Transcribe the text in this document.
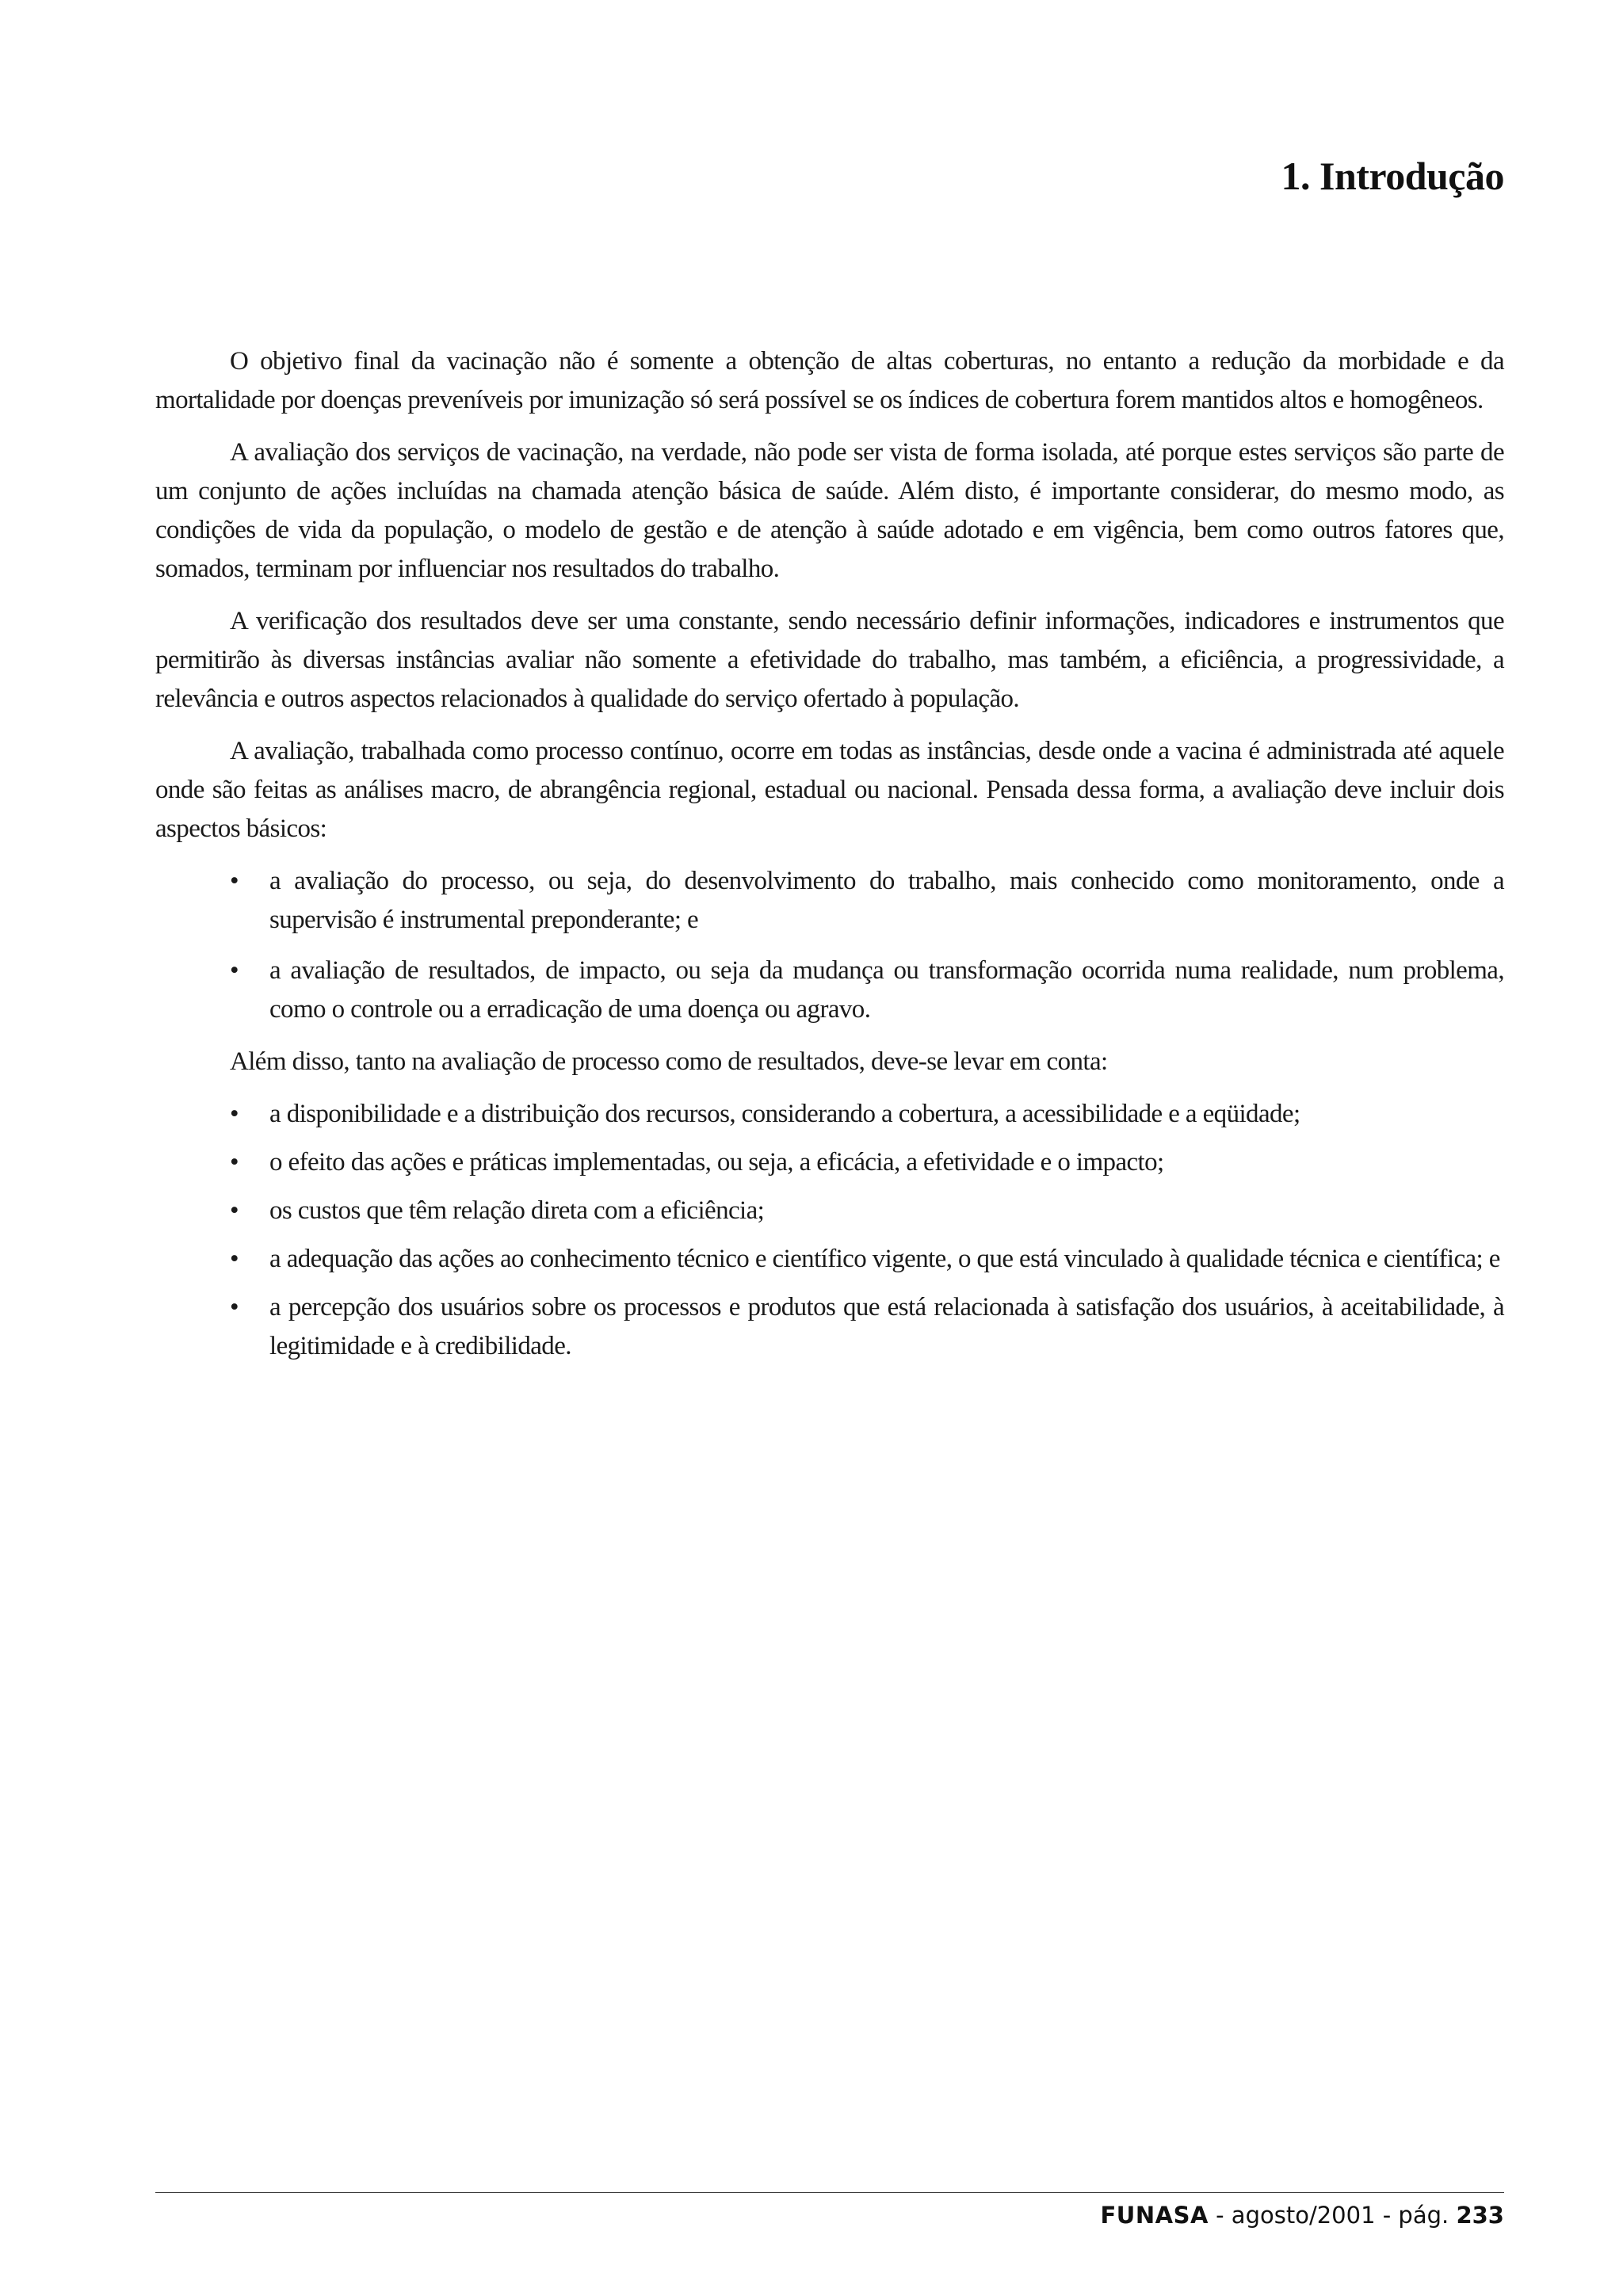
1. Introdução

O objetivo final da vacinação não é somente a obtenção de altas coberturas, no entanto a redução da morbidade e da mortalidade por doenças preveníveis por imunização só será possível se os índices de cobertura forem mantidos altos e homogêneos.

A avaliação dos serviços de vacinação, na verdade, não pode ser vista de forma isolada, até porque estes serviços são parte de um conjunto de ações incluídas na chamada atenção básica de saúde. Além disto, é importante considerar, do mesmo modo, as condições de vida da população, o modelo de gestão e de atenção à saúde adotado e em vigência, bem como outros fatores que, somados, terminam por influenciar nos resultados do trabalho.

A verificação dos resultados deve ser uma constante, sendo necessário definir informações, indicadores e instrumentos que permitirão às diversas instâncias avaliar não somente a efetividade do trabalho, mas também, a eficiência, a progressividade, a relevância e outros aspectos relacionados à qualidade do serviço ofertado à população.

A avaliação, trabalhada como processo contínuo, ocorre em todas as instâncias, desde onde a vacina é administrada até aquele onde são feitas as análises macro, de abrangência regional, estadual ou nacional. Pensada dessa forma, a avaliação deve incluir dois aspectos básicos:

• a avaliação do processo, ou seja, do desenvolvimento do trabalho, mais conhecido como monitoramento, onde a supervisão é instrumental preponderante; e
• a avaliação de resultados, de impacto, ou seja da mudança ou transformação ocorrida numa realidade, num problema, como o controle ou a erradicação de uma doença ou agravo.

Além disso, tanto na avaliação de processo como de resultados, deve-se levar em conta:

• a disponibilidade e a distribuição dos recursos, considerando a cobertura, a acessibilidade e a eqüidade;
• o efeito das ações e práticas implementadas, ou seja, a eficácia, a efetividade e o impacto;
• os custos que têm relação direta com a eficiência;
• a adequação das ações ao conhecimento técnico e científico vigente, o que está vinculado à qualidade técnica e científica; e
• a percepção dos usuários sobre os processos e produtos que está relacionada à satisfação dos usuários, à aceitabilidade, à legitimidade e à credibilidade.
FUNASA - agosto/2001 - pág. 233
